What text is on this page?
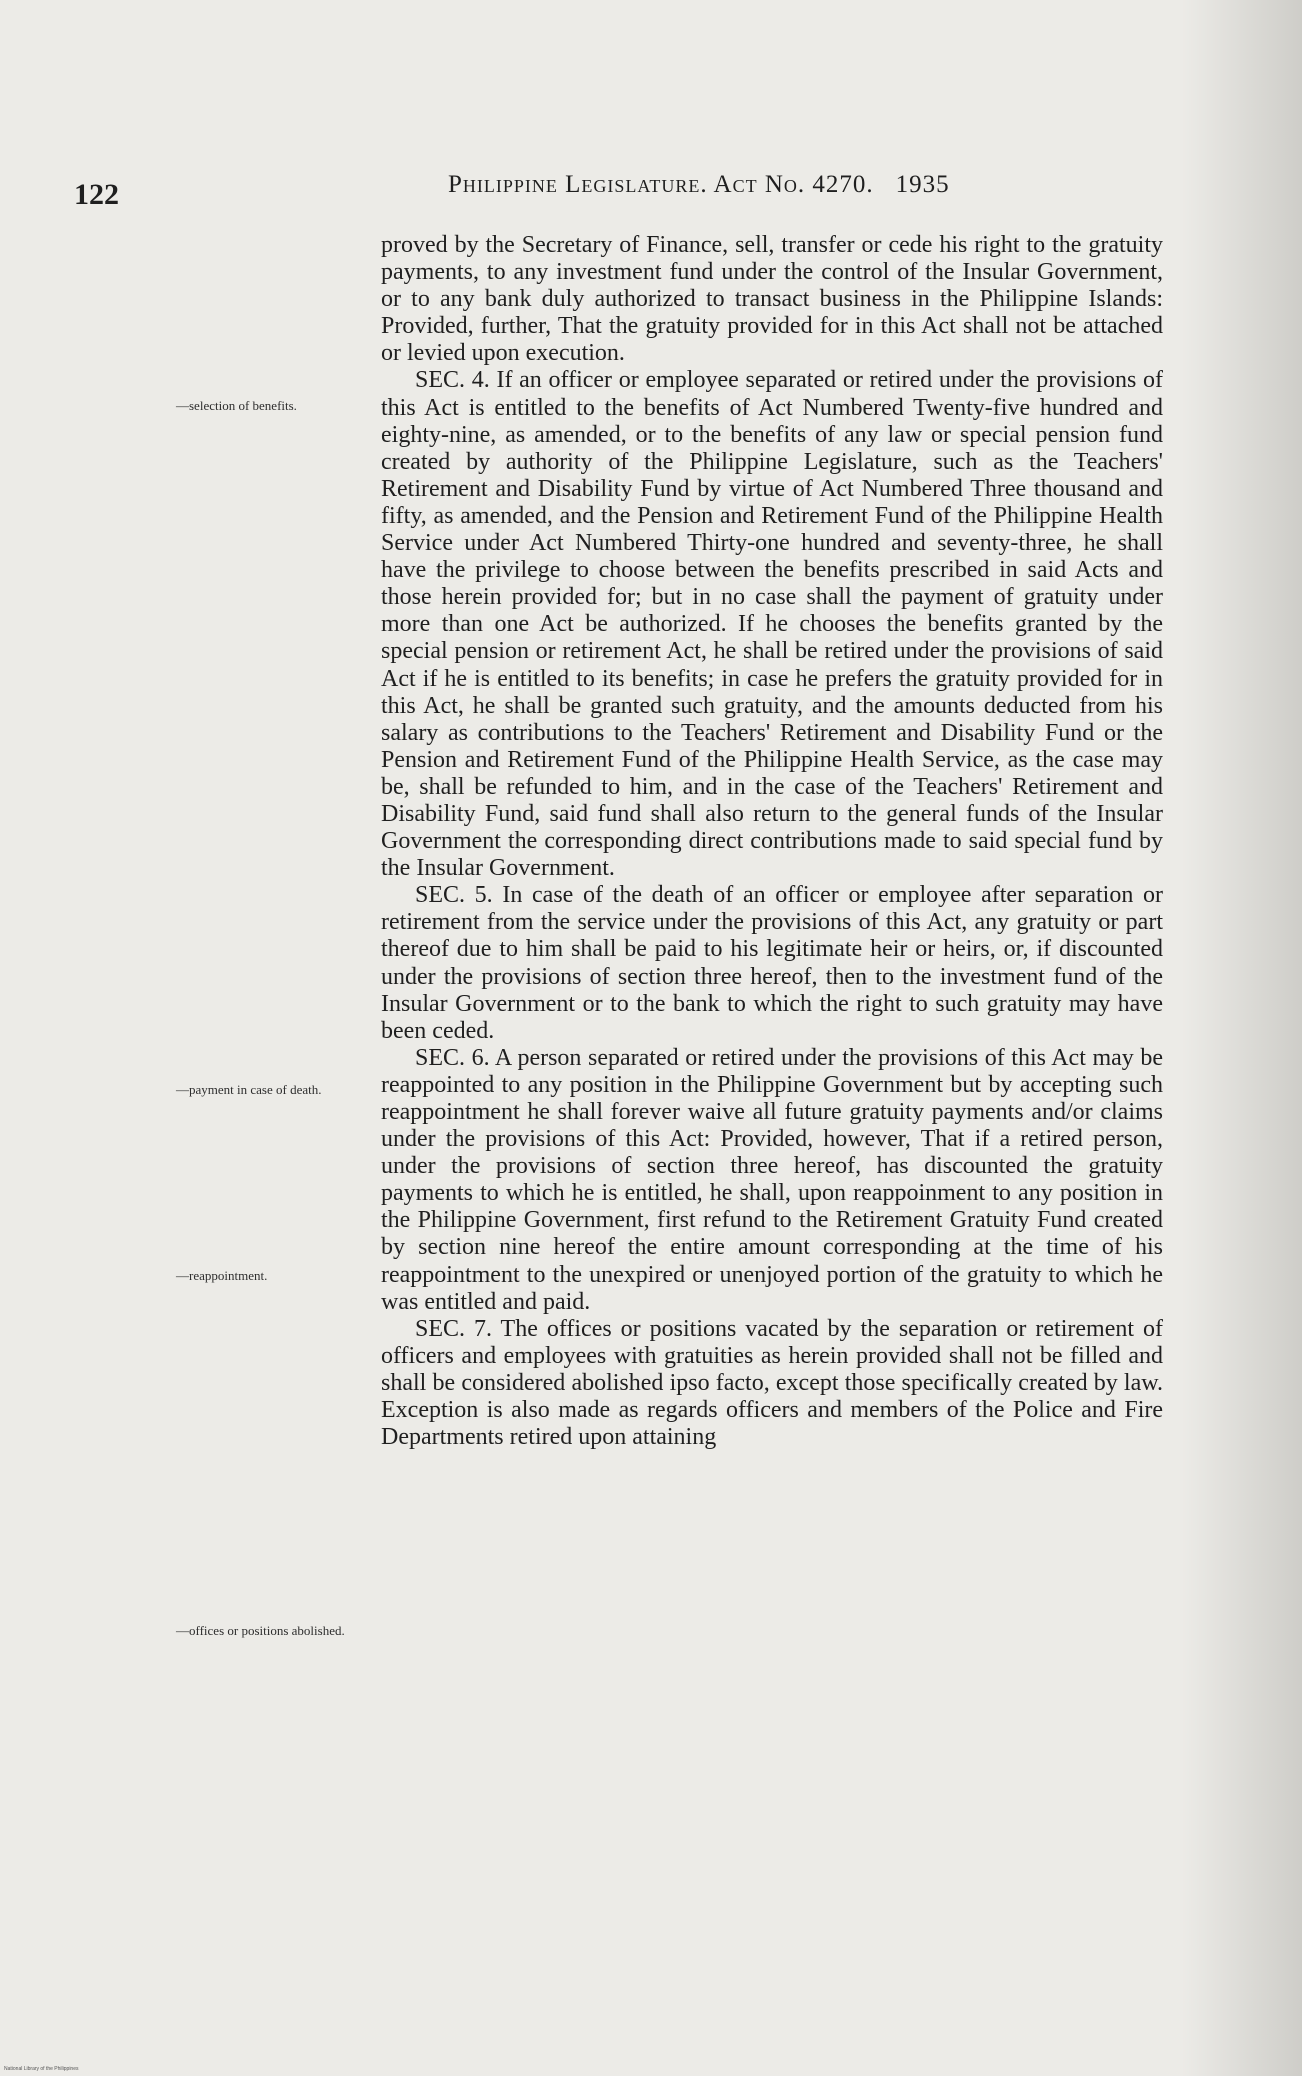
122	Philippine Legislature. Act No. 4270. 1935
—selection of benefits.
—payment in case of death.
—reappointment.
—offices or positions abolished.

proved by the Secretary of Finance, sell, transfer or cede his right to the gratuity payments, to any investment fund under the control of the Insular Government, or to any bank duly authorized to transact business in the Philippine Islands: Provided, further, That the gratuity provided for in this Act shall not be attached or levied upon execution.

SEC. 4. If an officer or employee separated or retired under the provisions of this Act is entitled to the benefits of Act Numbered Twenty-five hundred and eighty-nine, as amended, or to the benefits of any law or special pension fund created by authority of the Philippine Legislature, such as the Teachers' Retirement and Disability Fund by virtue of Act Numbered Three thousand and fifty, as amended, and the Pension and Retirement Fund of the Philippine Health Service under Act Numbered Thirty-one hundred and seventy-three, he shall have the privilege to choose between the benefits prescribed in said Acts and those herein provided for; but in no case shall the payment of gratuity under more than one Act be authorized. If he chooses the benefits granted by the special pension or retirement Act, he shall be retired under the provisions of said Act if he is entitled to its benefits; in case he prefers the gratuity provided for in this Act, he shall be granted such gratuity, and the amounts deducted from his salary as contributions to the Teachers' Retirement and Disability Fund or the Pension and Retirement Fund of the Philippine Health Service, as the case may be, shall be refunded to him, and in the case of the Teachers' Retirement and Disability Fund, said fund shall also return to the general funds of the Insular Government the corresponding direct contributions made to said special fund by the Insular Government.

SEC. 5. In case of the death of an officer or employee after separation or retirement from the service under the provisions of this Act, any gratuity or part thereof due to him shall be paid to his legitimate heir or heirs, or, if discounted under the provisions of section three hereof, then to the investment fund of the Insular Government or to the bank to which the right to such gratuity may have been ceded.

SEC. 6. A person separated or retired under the provisions of this Act may be reappointed to any position in the Philippine Government but by accepting such reappointment he shall forever waive all future gratuity payments and/or claims under the provisions of this Act: Provided, however, That if a retired person, under the provisions of section three hereof, has discounted the gratuity payments to which he is entitled, he shall, upon reappoinment to any position in the Philippine Government, first refund to the Retirement Gratuity Fund created by section nine hereof the entire amount corresponding at the time of his reappointment to the unexpired or unenjoyed portion of the gratuity to which he was entitled and paid.

SEC. 7. The offices or positions vacated by the separation or retirement of officers and employees with gratuities as herein provided shall not be filled and shall be considered abolished ipso facto, except those specifically created by law. Exception is also made as regards officers and members of the Police and Fire Departments retired upon attaining

National Library of the Philippines
